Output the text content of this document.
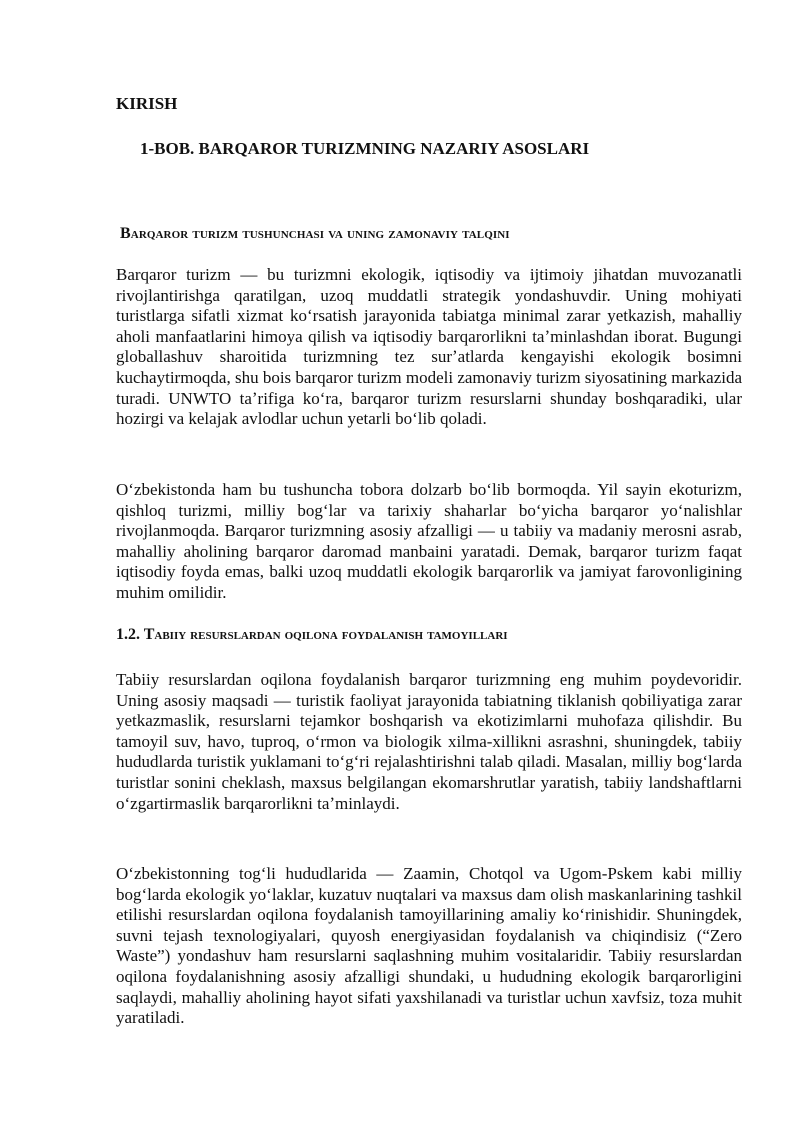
KIRISH
1-BOB. BARQAROR TURIZMNING NAZARIY ASOSLARI
Barqaror turizm tushunchasi va uning zamonaviy talqini

Barqaror turizm — bu turizmni ekologik, iqtisodiy va ijtimoiy jihatdan muvozanatli rivojlantirishga qaratilgan, uzoq muddatli strategik yondashuvdir. Uning mohiyati turistlarga sifatli xizmat koʻrsatish jarayonida tabiatga minimal zarar yetkazish, mahalliy aholi manfaatlarini himoya qilish va iqtisodiy barqarorlikni taʼminlashdan iborat. Bugungi globallashuv sharoitida turizmning tez surʼatlarda kengayishi ekologik bosimni kuchaytirmoqda, shu bois barqaror turizm modeli zamonaviy turizm siyosatining markazida turadi. UNWTO taʼrifiga koʻra, barqaror turizm resurslarni shunday boshqaradiki, ular hozirgi va kelajak avlodlar uchun yetarli boʻlib qoladi.

Oʻzbekistonda ham bu tushuncha tobora dolzarb boʻlib bormoqda. Yil sayin ekoturizm, qishloq turizmi, milliy bogʻlar va tarixiy shaharlar boʻyicha barqaror yoʻnalishlar rivojlanmoqda. Barqaror turizmning asosiy afzalligi — u tabiiy va madaniy merosni asrab, mahalliy aholining barqaror daromad manbaini yaratadi. Demak, barqaror turizm faqat iqtisodiy foyda emas, balki uzoq muddatli ekologik barqarorlik va jamiyat farovonligining muhim omilidir.

1.2. Tabiiy resurslardan oqilona foydalanish tamoyillari

Tabiiy resurslardan oqilona foydalanish barqaror turizmning eng muhim poydevoridir. Uning asosiy maqsadi — turistik faoliyat jarayonida tabiatning tiklanish qobiliyatiga zarar yetkazmaslik, resurslarni tejamkor boshqarish va ekotizimlarni muhofaza qilishdir. Bu tamoyil suv, havo, tuproq, oʻrmon va biologik xilma-xillikni asrashni, shuningdek, tabiiy hududlarda turistik yuklamani toʻgʻri rejalashtirishni talab qiladi. Masalan, milliy bogʻlarda turistlar sonini cheklash, maxsus belgilangan ekomarshrutlar yaratish, tabiiy landshaftlarni oʻzgartirmaslik barqarorlikni taʼminlaydi.

Oʻzbekistonning togʻli hududlarida — Zaamin, Chotqol va Ugom-Pskem kabi milliy bogʻlarda ekologik yoʻlaklar, kuzatuv nuqtalari va maxsus dam olish maskanlarining tashkil etilishi resurslardan oqilona foydalanish tamoyillarining amaliy koʻrinishidir. Shuningdek, suvni tejash texnologiyalari, quyosh energiyasidan foydalanish va chiqindisiz (“Zero Waste”) yondashuv ham resurslarni saqlashning muhim vositalaridir. Tabiiy resurslardan oqilona foydalanishning asosiy afzalligi shundaki, u hududning ekologik barqarorligini saqlaydi, mahalliy aholining hayot sifati yaxshilanadi va turistlar uchun xavfsiz, toza muhit yaratiladi.
